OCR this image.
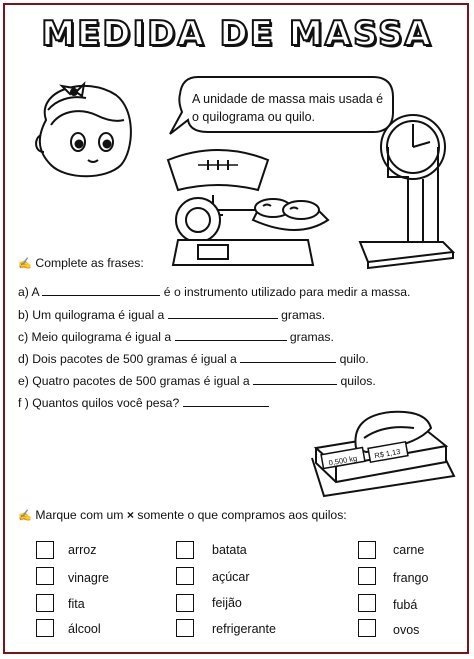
MEDIDA DE MASSA
A unidade de massa mais usada é
o quilograma ou quilo.
✍ Complete as frases:
a) A	é o instrumento utilizado para medir a massa.
b) Um quilograma é igual a	gramas.
c) Meio quilograma é igual a	gramas.
d) Dois pacotes de 500 gramas é igual a	quilo.
e) Quatro pacotes de 500 gramas é igual a	quilos.
f ) Quantos quilos você pesa?
0,500 kg
R$ 1,13
✍ Marque com um × somente o que compramos aos quilos:
arroz	batata	carne
vinagre	açúcar	frango
fita	feijão	fubá
álcool	refrigerante	ovos
